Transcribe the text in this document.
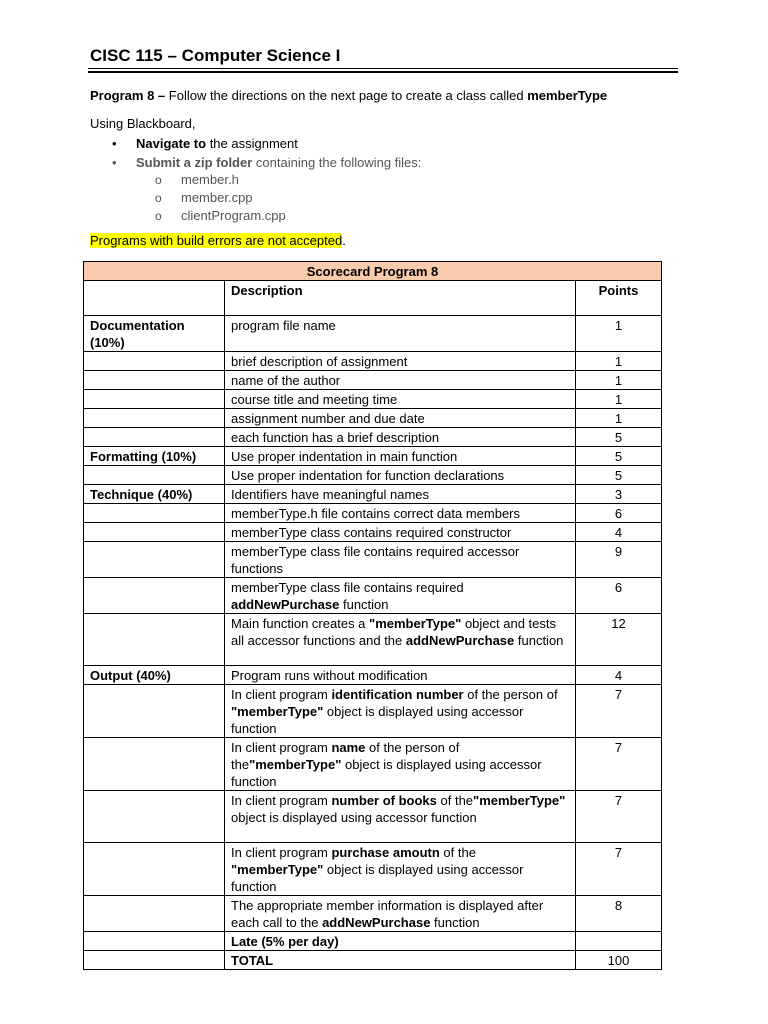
CISC 115 – Computer Science I
Program 8 – Follow the directions on the next page to create a class called memberType
Using Blackboard,
• Navigate to the assignment
• Submit a zip folder containing the following files:
o member.h
o member.cpp
o clientProgram.cpp
Programs with build errors are not accepted.
Scorecard Program 8		
	Description	Points
Documentation (10%)	program file name	1
	brief description of assignment	1
	name of the author	1
	course title and meeting time	1
	assignment number and due date	1
	each function has a brief description	5
Formatting (10%)	Use proper indentation in main function	5
	Use proper indentation for function declarations	5
Technique (40%)	Identifiers have meaningful names	3
	memberType.h file contains correct data members	6
	memberType class contains required constructor	4
	memberType class file contains required accessor functions	9
	memberType class file contains required addNewPurchase function	6
	Main function creates a "memberType" object and tests all accessor functions and the addNewPurchase function	12
Output (40%)	Program runs without modification	4
	In client program identification number of the person of "memberType" object is displayed using accessor function	7
	In client program name of the person of the"memberType" object is displayed using accessor function	7
	In client program number of books of the"memberType" object is displayed using accessor function	7
	In client program purchase amoutn of the "memberType" object is displayed using accessor function	7
	The appropriate member information is displayed after each call to the addNewPurchase function	8
	Late (5% per day)	
	TOTAL	100
